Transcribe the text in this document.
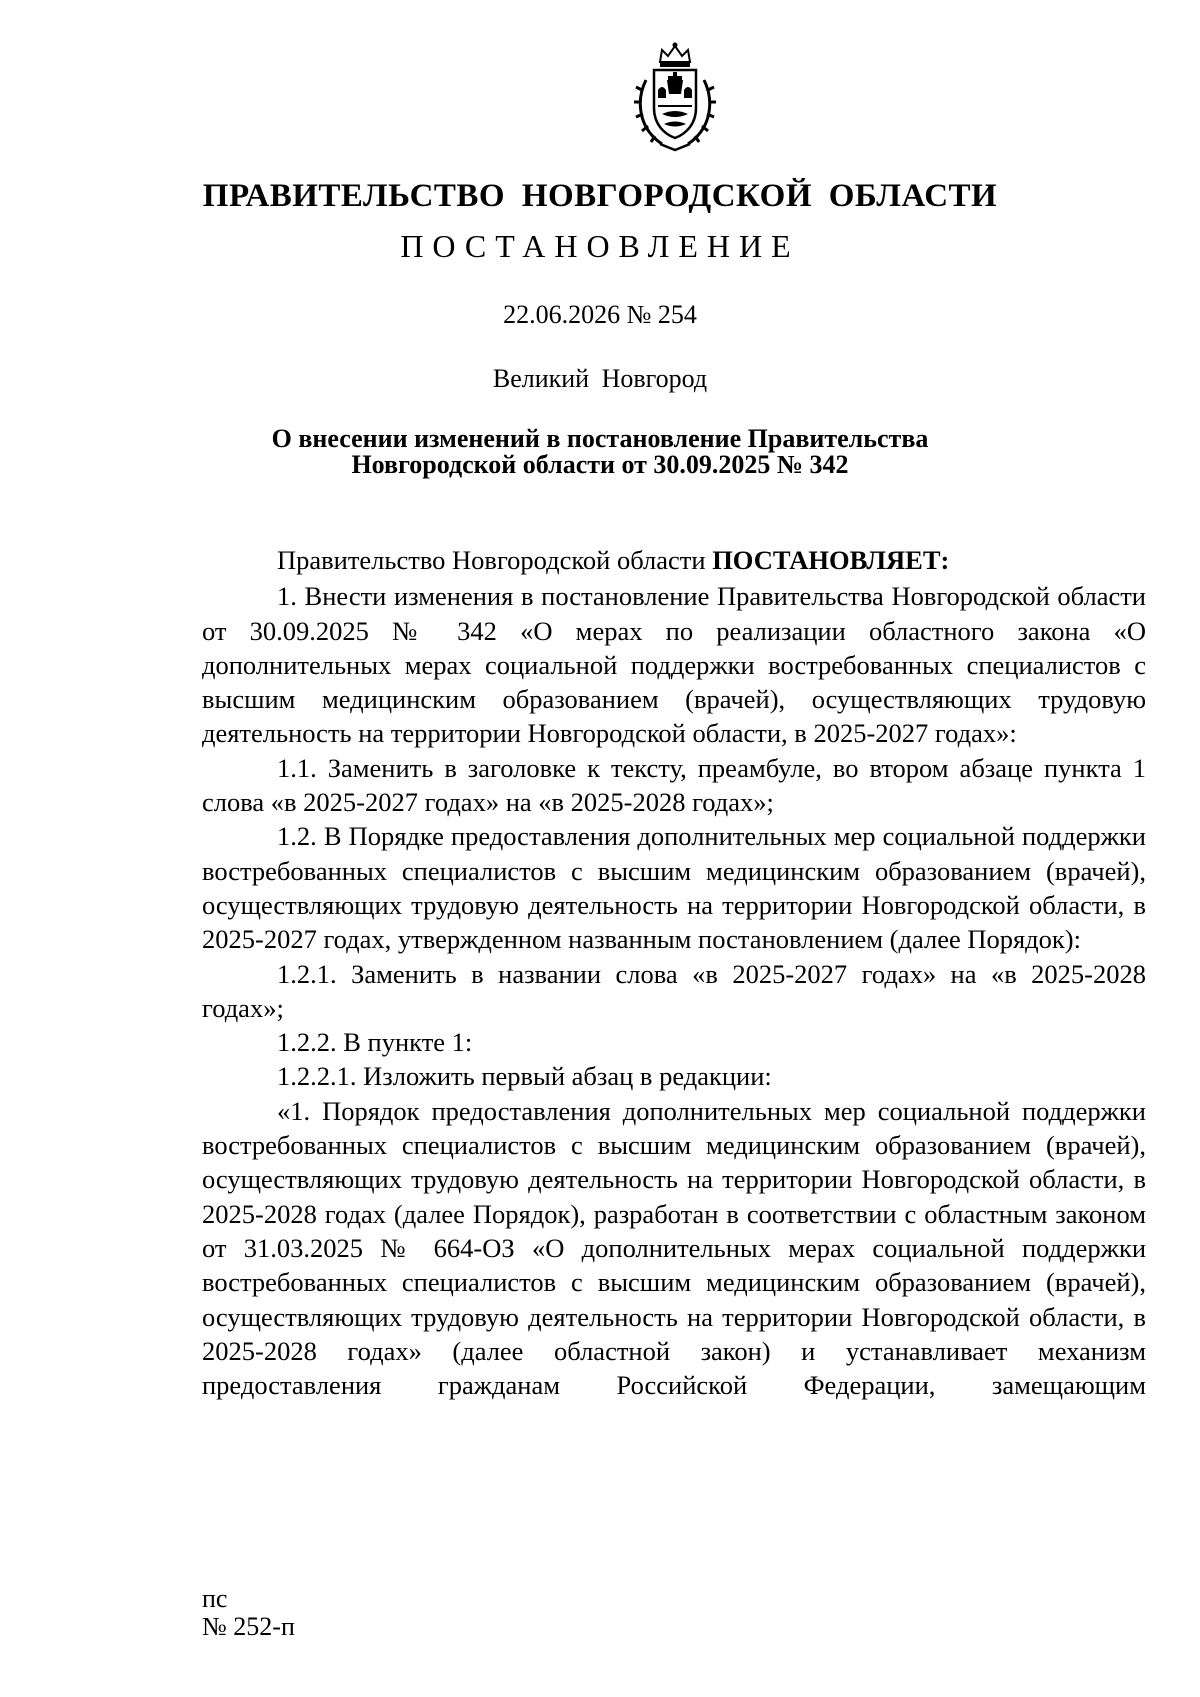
ПРАВИТЕЛЬСТВО НОВГОРОДСКОЙ ОБЛАСТИ
ПОСТАНОВЛЕНИЕ
22.06.2026 № 254
Великий Новгород
О внесении изменений в постановление Правительства
Новгородской области от 30.09.2025 № 342

Правительство Новгородской области ПОСТАНОВЛЯЕТ:

1. Внести изменения в постановление Правительства Новгородской области от 30.09.2025 № 342 «О мерах по реализации областного закона «О дополнительных мерах социальной поддержки востребованных специалистов с высшим медицинским образованием (врачей), осуществляющих трудовую деятельность на территории Новгородской области, в 2025-2027 годах»:

1.1. Заменить в заголовке к тексту, преамбуле, во втором абзаце пункта 1 слова «в 2025-2027 годах» на «в 2025-2028 годах»;

1.2. В Порядке предоставления дополнительных мер социальной поддержки востребованных специалистов с высшим медицинским образованием (врачей), осуществляющих трудовую деятельность на территории Новгородской области, в 2025-2027 годах, утвержденном названным постановлением (далее Порядок):

1.2.1. Заменить в названии слова «в 2025-2027 годах» на «в 2025-2028 годах»;

1.2.2. В пункте 1:

1.2.2.1. Изложить первый абзац в редакции:

«1. Порядок предоставления дополнительных мер социальной поддержки востребованных специалистов с высшим медицинским образованием (врачей), осуществляющих трудовую деятельность на территории Новгородской области, в 2025-2028 годах (далее Порядок), разработан в соответствии с областным законом от 31.03.2025 № 664-ОЗ «О дополнительных мерах социальной поддержки востребованных специалистов с высшим медицинским образованием (врачей), осуществляющих трудовую деятельность на территории Новгородской области, в 2025-2028 годах» (далее областной закон) и устанавливает механизм предоставления гражданам Российской Федерации, замещающим

пс
№ 252-п
